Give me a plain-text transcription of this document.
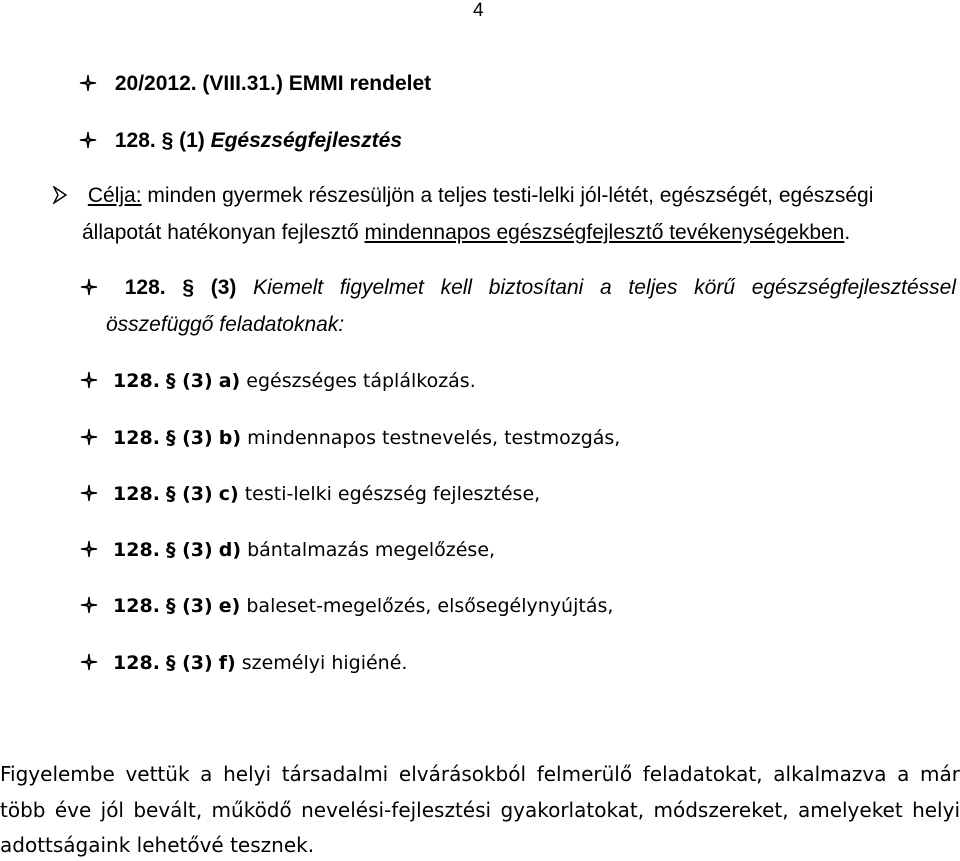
4
20/2012. (VIII.31.) EMMI rendelet
128. § (1) Egészségfejlesztés
Célja: minden gyermek részesüljön a teljes testi-lelki jól-létét, egészségét, egészségi
állapotát hatékonyan fejlesztő mindennapos egészségfejlesztő tevékenységekben.
128. § (3) Kiemelt figyelmet kell biztosítani a teljes körű egészségfejlesztéssel
összefüggő feladatoknak:
128. § (3) a) egészséges táplálkozás.
128. § (3) b) mindennapos testnevelés, testmozgás,
128. § (3) c) testi-lelki egészség fejlesztése,
128. § (3) d) bántalmazás megelőzése,
128. § (3) e) baleset-megelőzés, elsősegélynyújtás,
128. § (3) f) személyi higiéné.
Figyelembe vettük a helyi társadalmi elvárásokból felmerülő feladatokat, alkalmazva a már
több éve jól bevált, működő nevelési-fejlesztési gyakorlatokat, módszereket, amelyeket helyi
adottságaink lehetővé tesznek.
